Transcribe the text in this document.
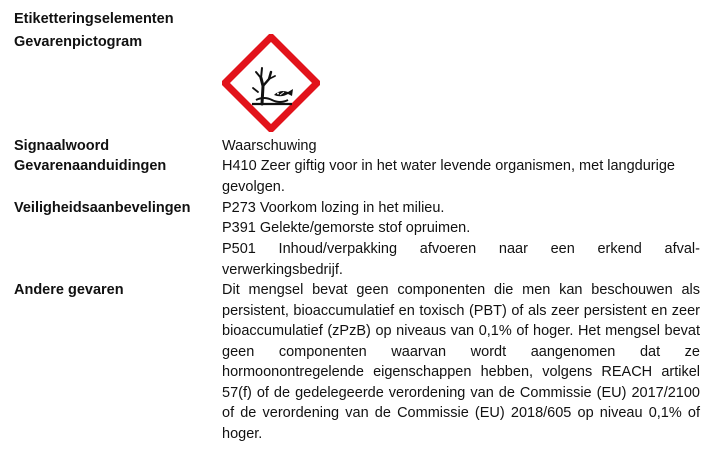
Etiketteringselementen
Gevarenpictogram
Signaalwoord	Waarschuwing
Gevarenaanduidingen	H410 Zeer giftig voor in het water levende organismen, met langdurige gevolgen.
Veiligheidsaanbevelingen P273 Voorkom lozing in het milieu.
P391 Gelekte/gemorste stof opruimen.
P501 Inhoud/verpakking afvoeren naar een erkend afval-verwerkingsbedrijf.
Andere gevaren	Dit mengsel bevat geen componenten die men kan beschouwen als persistent, bioaccumulatief en toxisch (PBT) of als zeer persistent en zeer bioaccumulatief (zPzB) op niveaus van 0,1% of hoger. Het mengsel bevat geen componenten waarvan wordt aangenomen dat ze hormoonontregelende eigenschappen hebben, volgens REACH artikel 57(f) of de gedelegeerde verordening van de Commissie (EU) 2017/2100 of de verordening van de Commissie (EU) 2018/605 op niveau 0,1% of hoger.
